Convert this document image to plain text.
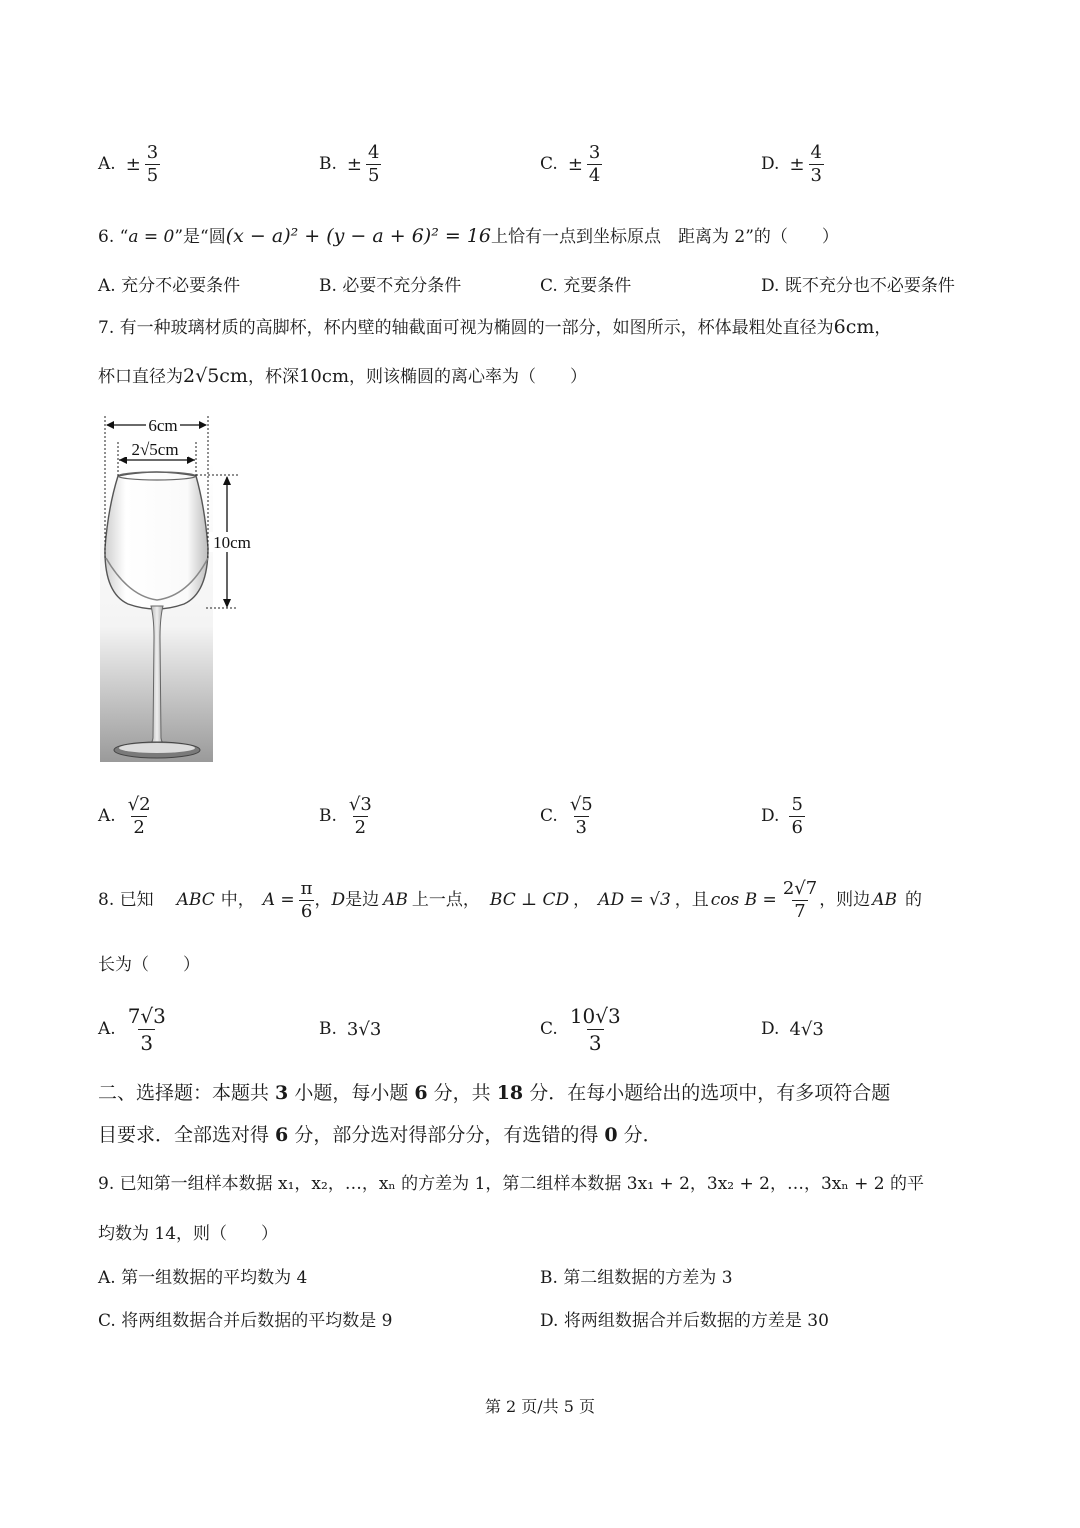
A. ± $\frac{3}{5}$	B. ± $\frac{4}{5}$	C. ± $\frac{3}{4}$	D. ± $\frac{4}{3}$
6. “a = 0”是“圆(x − a)² + (y − a + 6)² = 16上恰有一点到坐标原点　距离为 2”的（　　）
A. 充分不必要条件	B. 必要不充分条件	C. 充要条件	D. 既不充分也不必要条件
7. 有一种玻璃材质的高脚杯，杯内壁的轴截面可视为椭圆的一部分，如图所示，杯体最粗处直径为6cm，
杯口直径为2√5cm，杯深10cm，则该椭圆的离心率为（　　）
6cm
2√5cm
10cm
A. $\frac{√2}{2}$	B. $\frac{√3}{2}$	C. $\frac{√5}{3}$	D. $\frac{5}{6}$
8. 已知　 ABC 中， $A = \frac{\pi}{6}$ ， D 是边 AB 上一点， BC ⊥ CD ， AD = √3 ，且 $\cos B = \frac{2√7}{7}$ ，则边 AB 的
长为（　　）
A. $\frac{7√3}{3}$	B. 3√3	C. $\frac{10√3}{3}$	D. 4√3
二、选择题：本题共 3 小题，每小题 6 分，共 18 分．在每小题给出的选项中，有多项符合题
目要求．全部选对得 6 分，部分选对得部分分，有选错的得 0 分．
9. 已知第一组样本数据 x₁，x₂，…，xₙ 的方差为 1，第二组样本数据 3x₁ + 2，3x₂ + 2，…，3xₙ + 2 的平
均数为 14，则（　　）
A. 第一组数据的平均数为 4	B. 第二组数据的方差为 3
C. 将两组数据合并后数据的平均数是 9	D. 将两组数据合并后数据的方差是 30
第 2 页/共 5 页
